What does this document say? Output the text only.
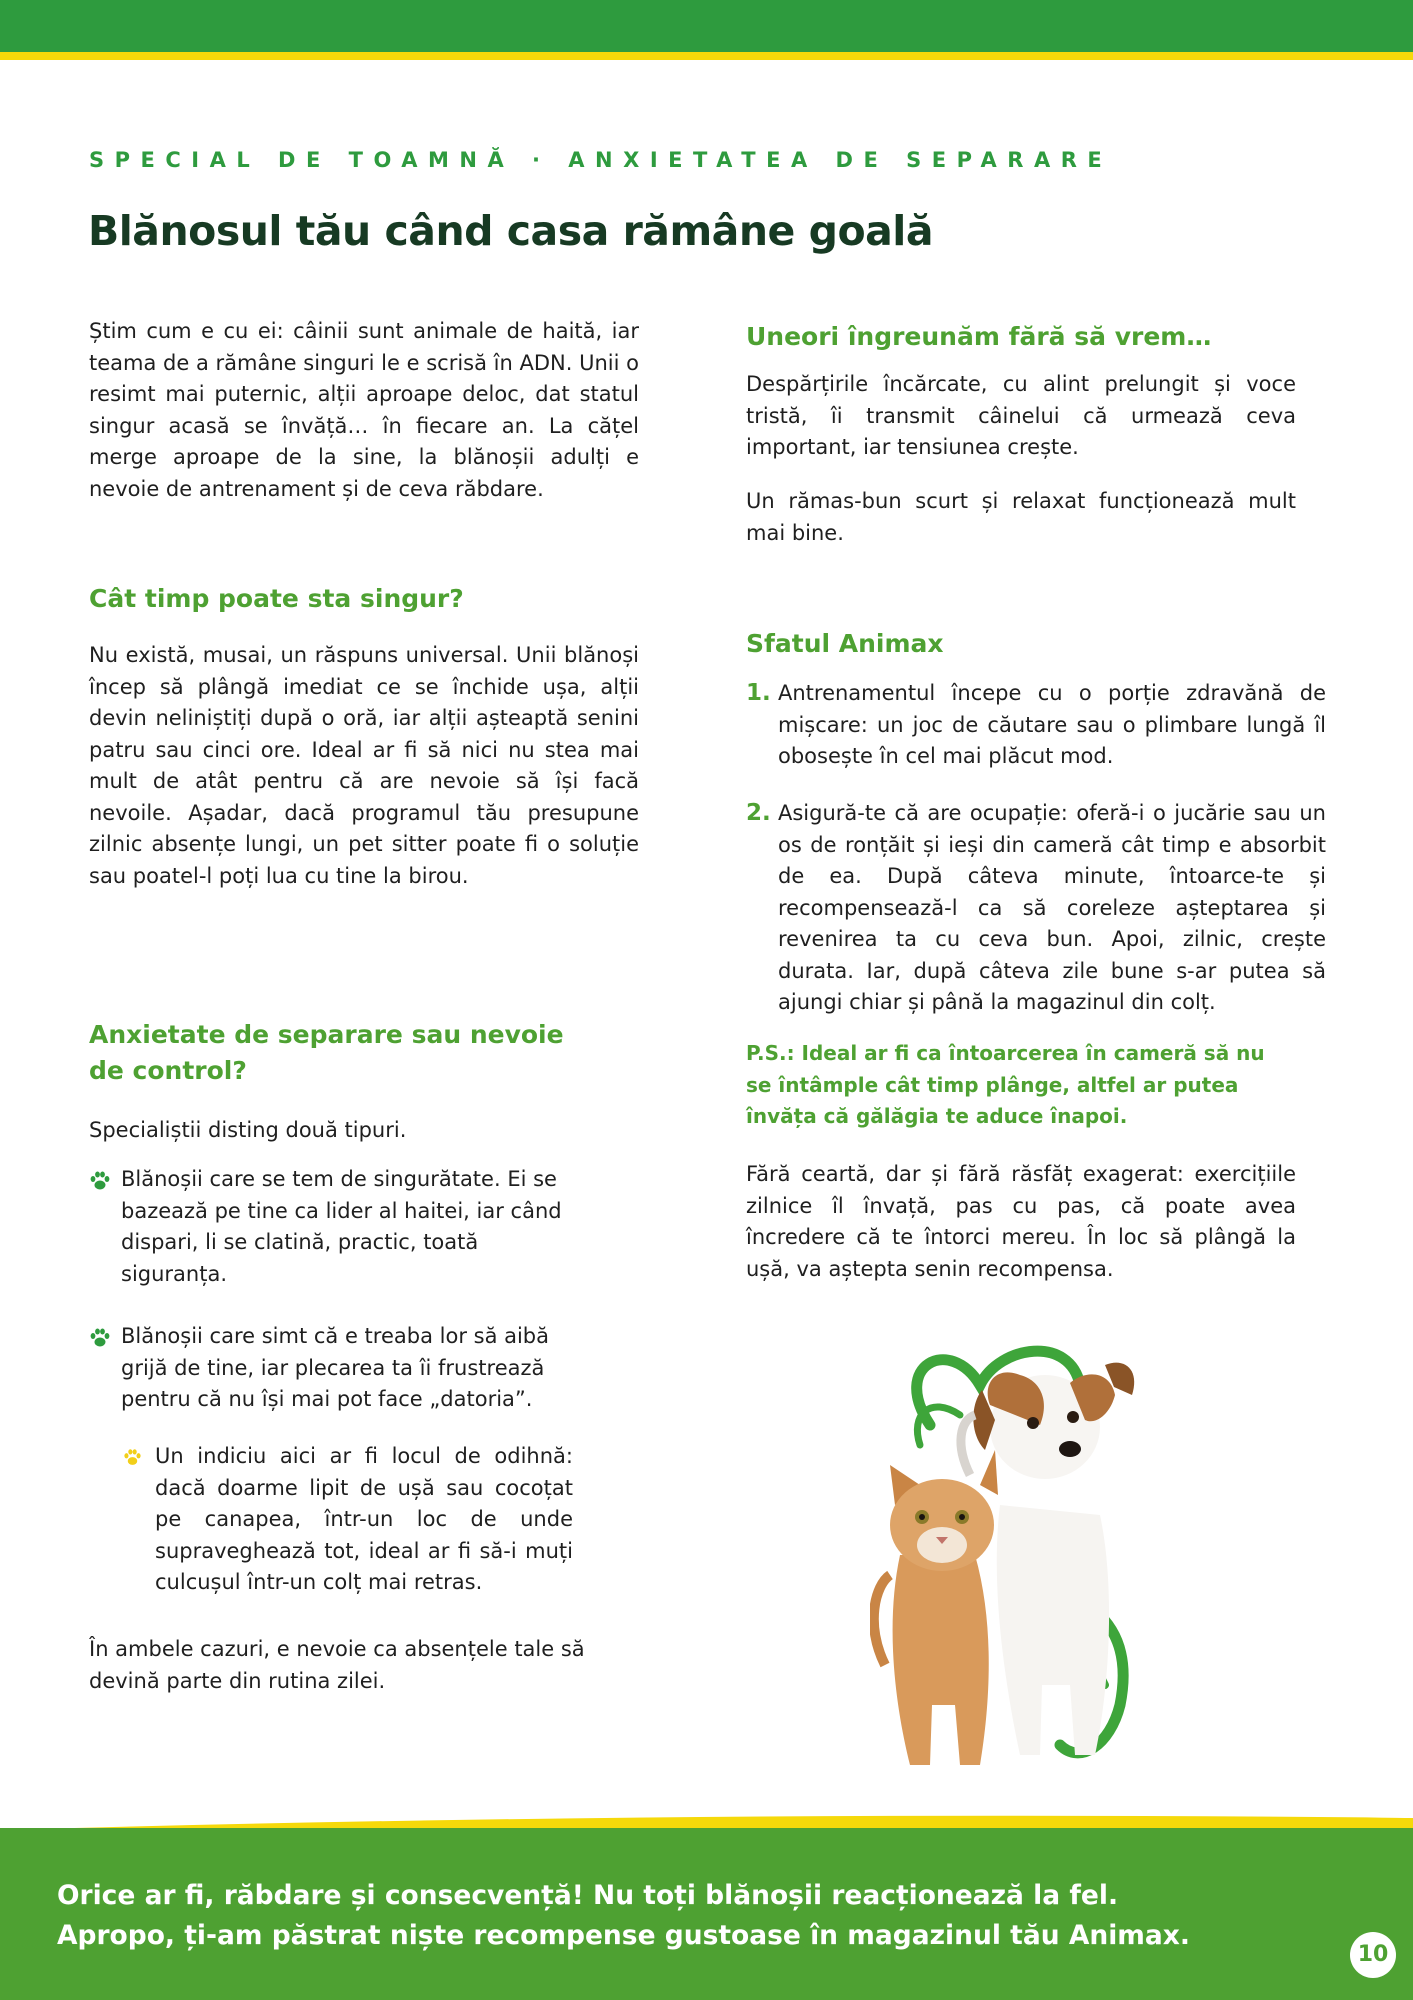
SPECIAL DE TOAMNĂ · ANXIETATEA DE SEPARARE
Blănosul tău când casa rămâne goală

Știm cum e cu ei: câinii sunt animale de haită, iar teama de a rămâne singuri le e scrisă în ADN. Unii o resimt mai puternic, alții aproape deloc, dat statul singur acasă se învăță… în fiecare an. La cățel merge aproape de la sine, la blănoșii adulți e nevoie de antrenament și de ceva răbdare.

Cât timp poate sta singur?

Nu există, musai, un răspuns universal. Unii blănoși încep să plângă imediat ce se închide ușa, alții devin neliniștiți după o oră, iar alții așteaptă senini patru sau cinci ore. Ideal ar fi să nici nu stea mai mult de atât pentru că are nevoie să își facă nevoile. Așadar, dacă programul tău presupune zilnic absențe lungi, un pet sitter poate fi o soluție sau poatel-l poți lua cu tine la birou.

Anxietate de separare sau nevoie
de control?

Specialiștii disting două tipuri.

Blănoșii care se tem de singurătate. Ei se bazează pe tine ca lider al haitei, iar când dispari, li se clatină, practic, toată siguranța.

Blănoșii care simt că e treaba lor să aibă grijă de tine, iar plecarea ta îi frustrează pentru că nu își mai pot face „datoria”.

Un indiciu aici ar fi locul de odihnă: dacă doarme lipit de ușă sau cocoțat pe canapea, într-un loc de unde supraveghează tot, ideal ar fi să-i muți culcușul într-un colț mai retras.

În ambele cazuri, e nevoie ca absențele tale să devină parte din rutina zilei.

Uneori îngreunăm fără să vrem…

Despărțirile încărcate, cu alint prelungit și voce tristă, îi transmit câinelui că urmează ceva important, iar tensiunea crește.

Un rămas-bun scurt și relaxat funcționează mult mai bine.

Sfatul Animax
1. Antrenamentul începe cu o porție zdravănă de mișcare: un joc de căutare sau o plimbare lungă îl obosește în cel mai plăcut mod.

2. Asigură-te că are ocupație: oferă-i o jucărie sau un os de ronțăit și ieși din cameră cât timp e absorbit de ea. După câteva minute, întoarce-te și recompensează-l ca să coreleze așteptarea și revenirea ta cu ceva bun. Apoi, zilnic, crește durata. Iar, după câteva zile bune s-ar putea să ajungi chiar și până la magazinul din colț.

P.S.: Ideal ar fi ca întoarcerea în cameră să nu se întâmple cât timp plânge, altfel ar putea învăța că gălăgia te aduce înapoi.

Fără ceartă, dar și fără răsfăț exagerat: exercițiile zilnice îl învață, pas cu pas, că poate avea încredere că te întorci mereu. În loc să plângă la ușă, va aștepta senin recompensa.

Orice ar fi, răbdare și consecvență! Nu toți blănoșii reacționează la fel.
Apropo, ți-am păstrat niște recompense gustoase în magazinul tău Animax.
10
